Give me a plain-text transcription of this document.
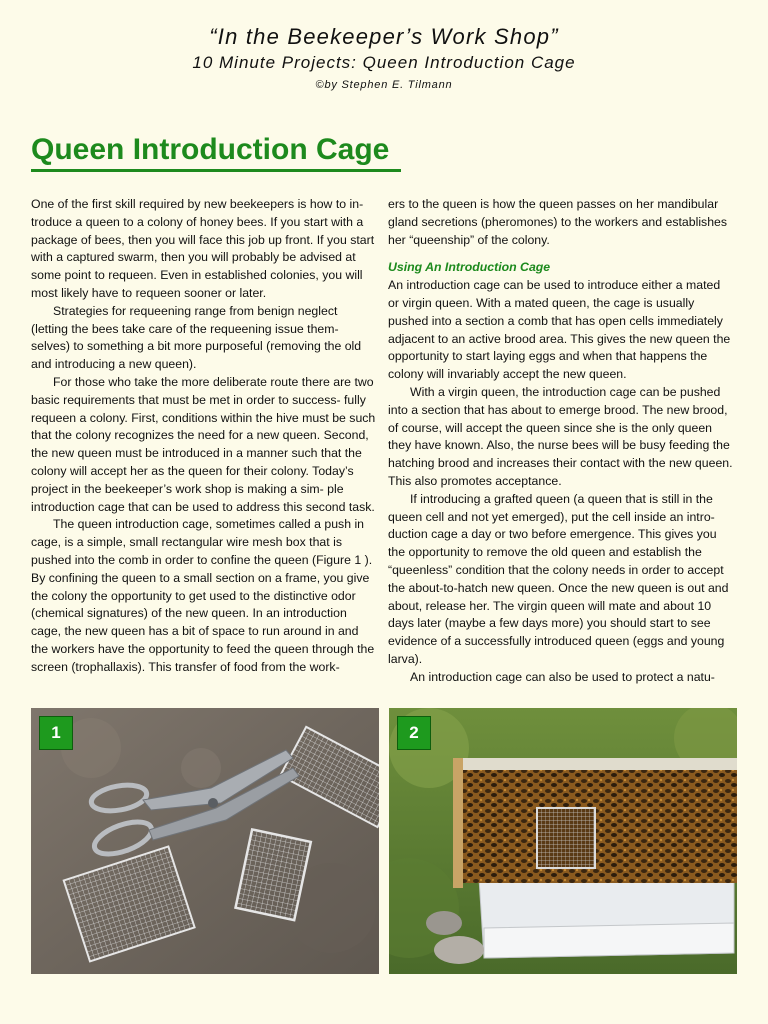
“In the Beekeeper’s Work Shop”
10 Minute Projects: Queen Introduction Cage
©by Stephen E. Tilmann
Queen Introduction Cage

One of the first skill required by new beekeepers is how to in- troduce a queen to a colony of honey bees. If you start with a package of bees, then you will face this job up front. If you start with a captured swarm, then you will probably be advised at some point to requeen. Even in established colonies, you will most likely have to requeen sooner or later.

Strategies for requeening range from benign neglect (letting the bees take care of the requeening issue them- selves) to something a bit more purposeful (removing the old and introducing a new queen).

For those who take the more deliberate route there are two basic requirements that must be met in order to success- fully requeen a colony. First, conditions within the hive must be such that the colony recognizes the need for a new queen. Second, the new queen must be introduced in a manner such that the colony will accept her as the queen for their colony. Today’s project in the beekeeper’s work shop is making a sim- ple introduction cage that can be used to address this second task.

The queen introduction cage, sometimes called a push in cage, is a simple, small rectangular wire mesh box that is pushed into the comb in order to confine the queen (Figure 1 ). By confining the queen to a small section on a frame, you give the colony the opportunity to get used to the distinctive odor (chemical signatures) of the new queen. In an introduction cage, the new queen has a bit of space to run around in and the workers have the opportunity to feed the queen through the screen (trophallaxis). This transfer of food from the work-

ers to the queen is how the queen passes on her mandibular gland secretions (pheromones) to the workers and establishes her “queenship” of the colony.

Using An Introduction Cage

An introduction cage can be used to introduce either a mated or virgin queen. With a mated queen, the cage is usually pushed into a section a comb that has open cells immediately adjacent to an active brood area. This gives the new queen the opportunity to start laying eggs and when that happens the colony will invariably accept the new queen.

With a virgin queen, the introduction cage can be pushed into a section that has about to emerge brood. The new brood, of course, will accept the queen since she is the only queen they have known. Also, the nurse bees will be busy feeding the hatching brood and increases their contact with the new queen. This also promotes acceptance.

If introducing a grafted queen (a queen that is still in the queen cell and not yet emerged), put the cell inside an intro- duction cage a day or two before emergence. This gives you the opportunity to remove the old queen and establish the “queenless” condition that the colony needs in order to accept the about-to-hatch new queen. Once the new queen is out and about, release her. The virgin queen will mate and about 10 days later (maybe a few days more) you should start to see evidence of a successfully introduced queen (eggs and young larva).

An introduction cage can also be used to protect a natu-

1	2
